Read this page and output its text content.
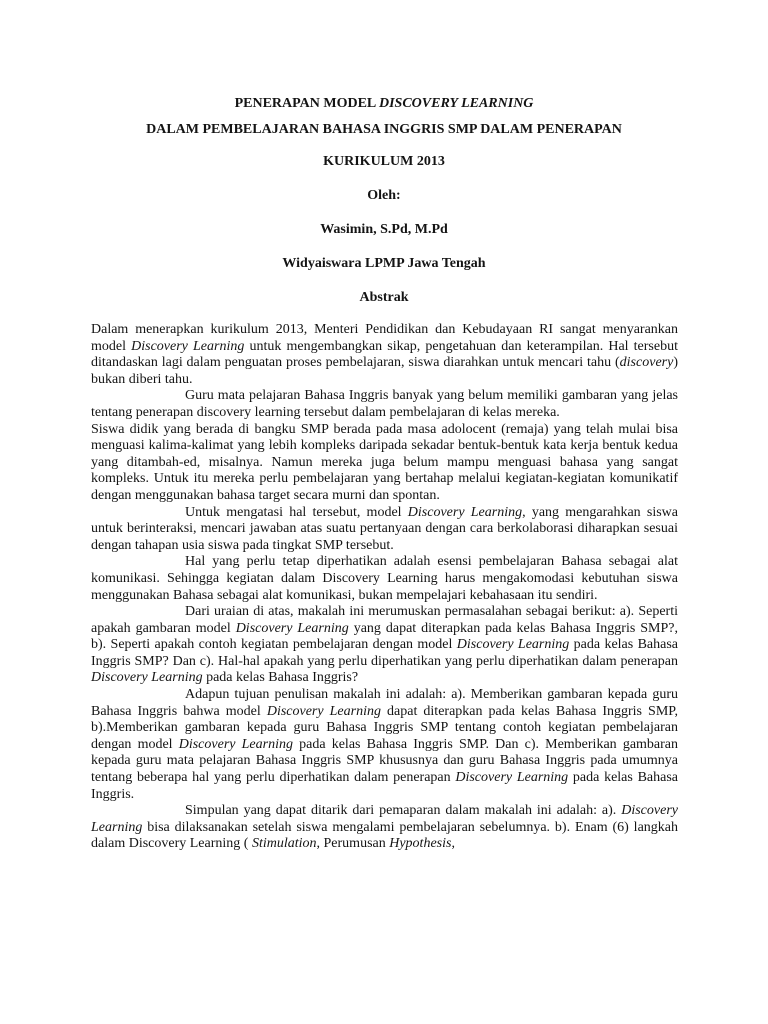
PENERAPAN MODEL DISCOVERY LEARNING

DALAM PEMBELAJARAN BAHASA INGGRIS SMP DALAM PENERAPAN

KURIKULUM 2013

Oleh:

Wasimin, S.Pd, M.Pd

Widyaiswara LPMP Jawa Tengah

Abstrak

Dalam menerapkan kurikulum 2013, Menteri Pendidikan dan Kebudayaan RI sangat menyarankan model Discovery Learning untuk mengembangkan sikap, pengetahuan dan keterampilan. Hal tersebut ditandaskan lagi dalam penguatan proses pembelajaran, siswa diarahkan untuk mencari tahu (discovery) bukan diberi tahu.

Guru mata pelajaran Bahasa Inggris banyak yang belum memiliki gambaran yang jelas tentang penerapan discovery learning tersebut dalam pembelajaran di kelas mereka.

Siswa didik yang berada di bangku SMP berada pada masa adolocent (remaja) yang telah mulai bisa menguasi kalima-kalimat yang lebih kompleks daripada sekadar bentuk-bentuk kata kerja bentuk kedua yang ditambah-ed, misalnya. Namun mereka juga belum mampu menguasi bahasa yang sangat kompleks. Untuk itu mereka perlu pembelajaran yang bertahap melalui kegiatan-kegiatan komunikatif dengan menggunakan bahasa target secara murni dan spontan.

Untuk mengatasi hal tersebut, model Discovery Learning, yang mengarahkan siswa untuk berinteraksi, mencari jawaban atas suatu pertanyaan dengan cara berkolaborasi diharapkan sesuai dengan tahapan usia siswa pada tingkat SMP tersebut.

Hal yang perlu tetap diperhatikan adalah esensi pembelajaran Bahasa sebagai alat komunikasi. Sehingga kegiatan dalam Discovery Learning harus mengakomodasi kebutuhan siswa menggunakan Bahasa sebagai alat komunikasi, bukan mempelajari kebahasaan itu sendiri.

Dari uraian di atas, makalah ini merumuskan permasalahan sebagai berikut: a). Seperti apakah gambaran model Discovery Learning yang dapat diterapkan pada kelas Bahasa Inggris SMP?, b). Seperti apakah contoh kegiatan pembelajaran dengan model Discovery Learning pada kelas Bahasa Inggris SMP? Dan c). Hal-hal apakah yang perlu diperhatikan yang perlu diperhatikan dalam penerapan Discovery Learning pada kelas Bahasa Inggris?

Adapun tujuan penulisan makalah ini adalah: a). Memberikan gambaran kepada guru Bahasa Inggris bahwa model Discovery Learning dapat diterapkan pada kelas Bahasa Inggris SMP, b).Memberikan gambaran kepada guru Bahasa Inggris SMP tentang contoh kegiatan pembelajaran dengan model Discovery Learning pada kelas Bahasa Inggris SMP. Dan c). Memberikan gambaran kepada guru mata pelajaran Bahasa Inggris SMP khususnya dan guru Bahasa Inggris pada umumnya tentang beberapa hal yang perlu diperhatikan dalam penerapan Discovery Learning pada kelas Bahasa Inggris.

Simpulan yang dapat ditarik dari pemaparan dalam makalah ini adalah: a). Discovery Learning bisa dilaksanakan setelah siswa mengalami pembelajaran sebelumnya. b). Enam (6) langkah dalam Discovery Learning ( Stimulation, Perumusan Hypothesis,
